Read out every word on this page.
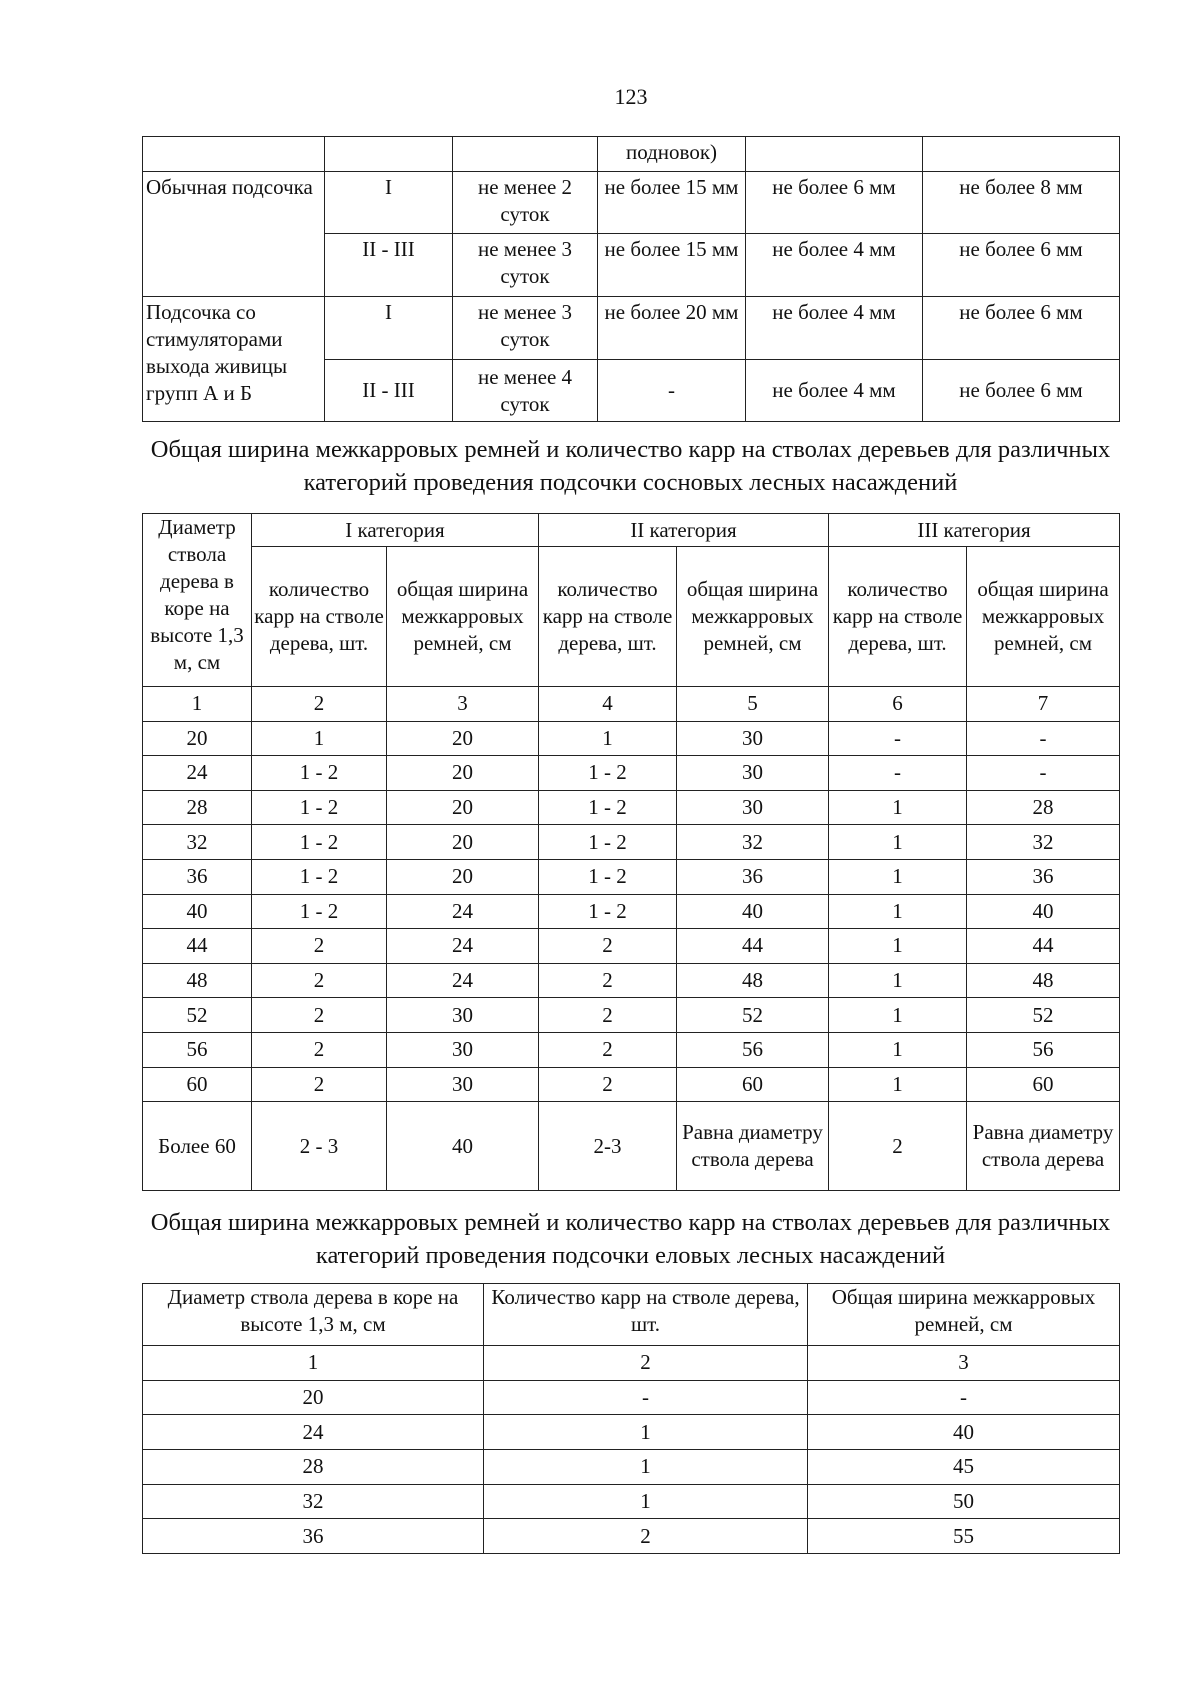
123
			подновок)		
Обычная подсочка	I	не менее 2 суток	не более 15 мм	не более 6 мм	не более 8 мм
	II - III	не менее 3 суток	не более 15 мм	не более 4 мм	не более 6 мм
Подсочка со стимуляторами выхода живицы групп А и Б	I	не менее 3 суток	не более 20 мм	не более 4 мм	не более 6 мм
	II - III	не менее 4 суток	-	не более 4 мм	не более 6 мм
Общая ширина межкарровых ремней и количество карр на стволах деревьев для различных категорий проведения подсочки сосновых лесных насаждений
Диаметр ствола дерева в коре на высоте 1,3 м, см	I категория		II категория		III категория	
	количество карр на стволе дерева, шт.	общая ширина межкарровых ремней, см	количество карр на стволе дерева, шт.	общая ширина межкарровых ремней, см	количество карр на стволе дерева, шт.	общая ширина межкарровых ремней, см
1	2	3	4	5	6	7
20	1	20	1	30	-	-
24	1 - 2	20	1 - 2	30	-	-
28	1 - 2	20	1 - 2	30	1	28
32	1 - 2	20	1 - 2	32	1	32
36	1 - 2	20	1 - 2	36	1	36
40	1 - 2	24	1 - 2	40	1	40
44	2	24	2	44	1	44
48	2	24	2	48	1	48
52	2	30	2	52	1	52
56	2	30	2	56	1	56
60	2	30	2	60	1	60
Более 60	2 - 3	40	2-3	Равна диаметру ствола дерева	2	Равна диаметру ствола дерева
Общая ширина межкарровых ремней и количество карр на стволах деревьев для различных категорий проведения подсочки еловых лесных насаждений
Диаметр ствола дерева в коре на высоте 1,3 м, см	Количество карр на стволе дерева, шт.	Общая ширина межкарровых ремней, см
1	2	3
20	-	-
24	1	40
28	1	45
32	1	50
36	2	55
